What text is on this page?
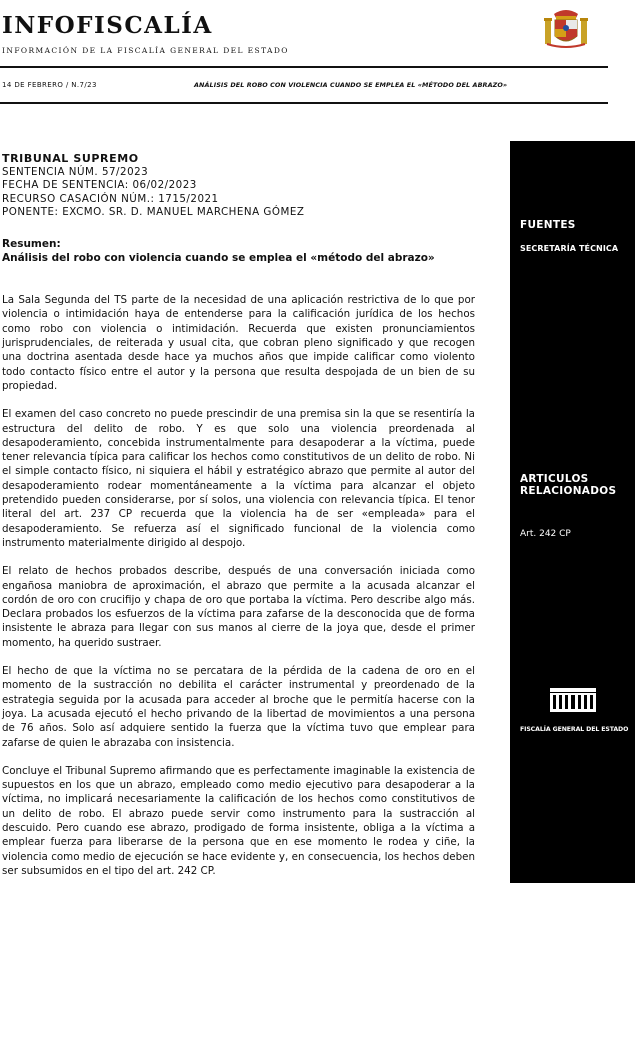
INFOFISCALÍA
INFORMACIÓN DE LA FISCALÍA GENERAL DEL ESTADO
14 DE FEBRERO / N.7/23	ANÁLISIS DEL ROBO CON VIOLENCIA CUANDO SE EMPLEA EL «MÉTODO DEL ABRAZO»

TRIBUNAL SUPREMO

SENTENCIA NÚM. 57/2023

FECHA DE SENTENCIA: 06/02/2023

RECURSO CASACIÓN NÚM.: 1715/2021

PONENTE: EXCMO. SR. D. MANUEL MARCHENA GÓMEZ

Resumen:

Análisis del robo con violencia cuando se emplea el «método del abrazo»

La Sala Segunda del TS parte de la necesidad de una aplicación restrictiva de lo que por violencia o intimidación haya de entenderse para la calificación jurídica de los hechos como robo con violencia o intimidación. Recuerda que existen pronunciamientos jurisprudenciales, de reiterada y usual cita, que cobran pleno significado y que recogen una doctrina asentada desde hace ya muchos años que impide calificar como violento todo contacto físico entre el autor y la persona que resulta despojada de un bien de su propiedad.

El examen del caso concreto no puede prescindir de una premisa sin la que se resentiría la estructura del delito de robo. Y es que solo una violencia preordenada al desapoderamiento, concebida instrumentalmente para desapoderar a la víctima, puede tener relevancia típica para calificar los hechos como constitutivos de un delito de robo. Ni el simple contacto físico, ni siquiera el hábil y estratégico abrazo que permite al autor del desapoderamiento rodear momentáneamente a la víctima para alcanzar el objeto pretendido pueden considerarse, por sí solos, una violencia con relevancia típica. El tenor literal del art. 237 CP recuerda que la violencia ha de ser «empleada» para el desapoderamiento. Se refuerza así el significado funcional de la violencia como instrumento materialmente dirigido al despojo.

El relato de hechos probados describe, después de una conversación iniciada como engañosa maniobra de aproximación, el abrazo que permite a la acusada alcanzar el cordón de oro con crucifijo y chapa de oro que portaba la víctima. Pero describe algo más. Declara probados los esfuerzos de la víctima para zafarse de la desconocida que de forma insistente le abraza para llegar con sus manos al cierre de la joya que, desde el primer momento, ha querido sustraer.

El hecho de que la víctima no se percatara de la pérdida de la cadena de oro en el momento de la sustracción no debilita el carácter instrumental y preordenado de la estrategia seguida por la acusada para acceder al broche que le permitía hacerse con la joya. La acusada ejecutó el hecho privando de la libertad de movimientos a una persona de 76 años. Solo así adquiere sentido la fuerza que la víctima tuvo que emplear para zafarse de quien le abrazaba con insistencia.

Concluye el Tribunal Supremo afirmando que es perfectamente imaginable la existencia de supuestos en los que un abrazo, empleado como medio ejecutivo para desapoderar a la víctima, no implicará necesariamente la calificación de los hechos como constitutivos de un delito de robo. El abrazo puede servir como instrumento para la sustracción al descuido. Pero cuando ese abrazo, prodigado de forma insistente, obliga a la víctima a emplear fuerza para liberarse de la persona que en ese momento le rodea y ciñe, la violencia como medio de ejecución se hace evidente y, en consecuencia, los hechos deben ser subsumidos en el tipo del art. 242 CP.

FUENTES
SECRETARÍA TÉCNICA
ARTICULOS RELACIONADOS
Art. 242 CP
FISCALÍA GENERAL DEL ESTADO
